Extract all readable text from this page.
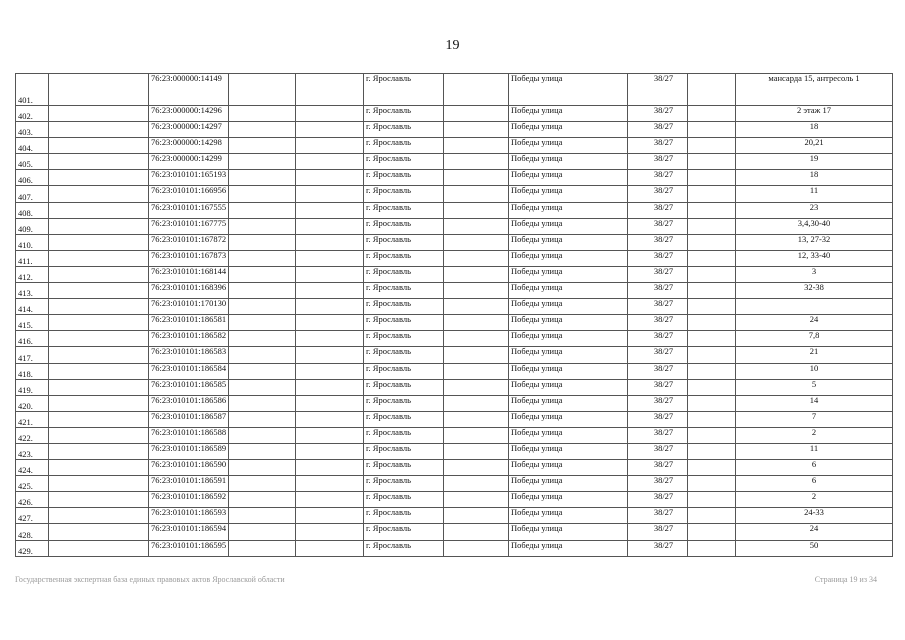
19
401.		76:23:000000:14149			г. Ярославль		Победы улица	38/27		мансарда 15, антресоль 1
402.		76:23:000000:14296			г. Ярославль		Победы улица	38/27		2 этаж 17
403.		76:23:000000:14297			г. Ярославль		Победы улица	38/27		18
404.		76:23:000000:14298			г. Ярославль		Победы улица	38/27		20,21
405.		76:23:000000:14299			г. Ярославль		Победы улица	38/27		19
406.		76:23:010101:165193			г. Ярославль		Победы улица	38/27		18
407.		76:23:010101:166956			г. Ярославль		Победы улица	38/27		11
408.		76:23:010101:167555			г. Ярославль		Победы улица	38/27		23
409.		76:23:010101:167775			г. Ярославль		Победы улица	38/27		3,4,30-40
410.		76:23:010101:167872			г. Ярославль		Победы улица	38/27		13, 27-32
411.		76:23:010101:167873			г. Ярославль		Победы улица	38/27		12, 33-40
412.		76:23:010101:168144			г. Ярославль		Победы улица	38/27		3
413.		76:23:010101:168396			г. Ярославль		Победы улица	38/27		32-38
414.		76:23:010101:170130			г. Ярославль		Победы улица	38/27		
415.		76:23:010101:186581			г. Ярославль		Победы улица	38/27		24
416.		76:23:010101:186582			г. Ярославль		Победы улица	38/27		7,8
417.		76:23:010101:186583			г. Ярославль		Победы улица	38/27		21
418.		76:23:010101:186584			г. Ярославль		Победы улица	38/27		10
419.		76:23:010101:186585			г. Ярославль		Победы улица	38/27		5
420.		76:23:010101:186586			г. Ярославль		Победы улица	38/27		14
421.		76:23:010101:186587			г. Ярославль		Победы улица	38/27		7
422.		76:23:010101:186588			г. Ярославль		Победы улица	38/27		2
423.		76:23:010101:186589			г. Ярославль		Победы улица	38/27		11
424.		76:23:010101:186590			г. Ярославль		Победы улица	38/27		6
425.		76:23:010101:186591			г. Ярославль		Победы улица	38/27		6
426.		76:23:010101:186592			г. Ярославль		Победы улица	38/27		2
427.		76:23:010101:186593			г. Ярославль		Победы улица	38/27		24-33
428.		76:23:010101:186594			г. Ярославль		Победы улица	38/27		24
429.		76:23:010101:186595			г. Ярославль		Победы улица	38/27		50
Государственная экспертная база единых правовых актов Ярославской области	Страница 19 из 34
